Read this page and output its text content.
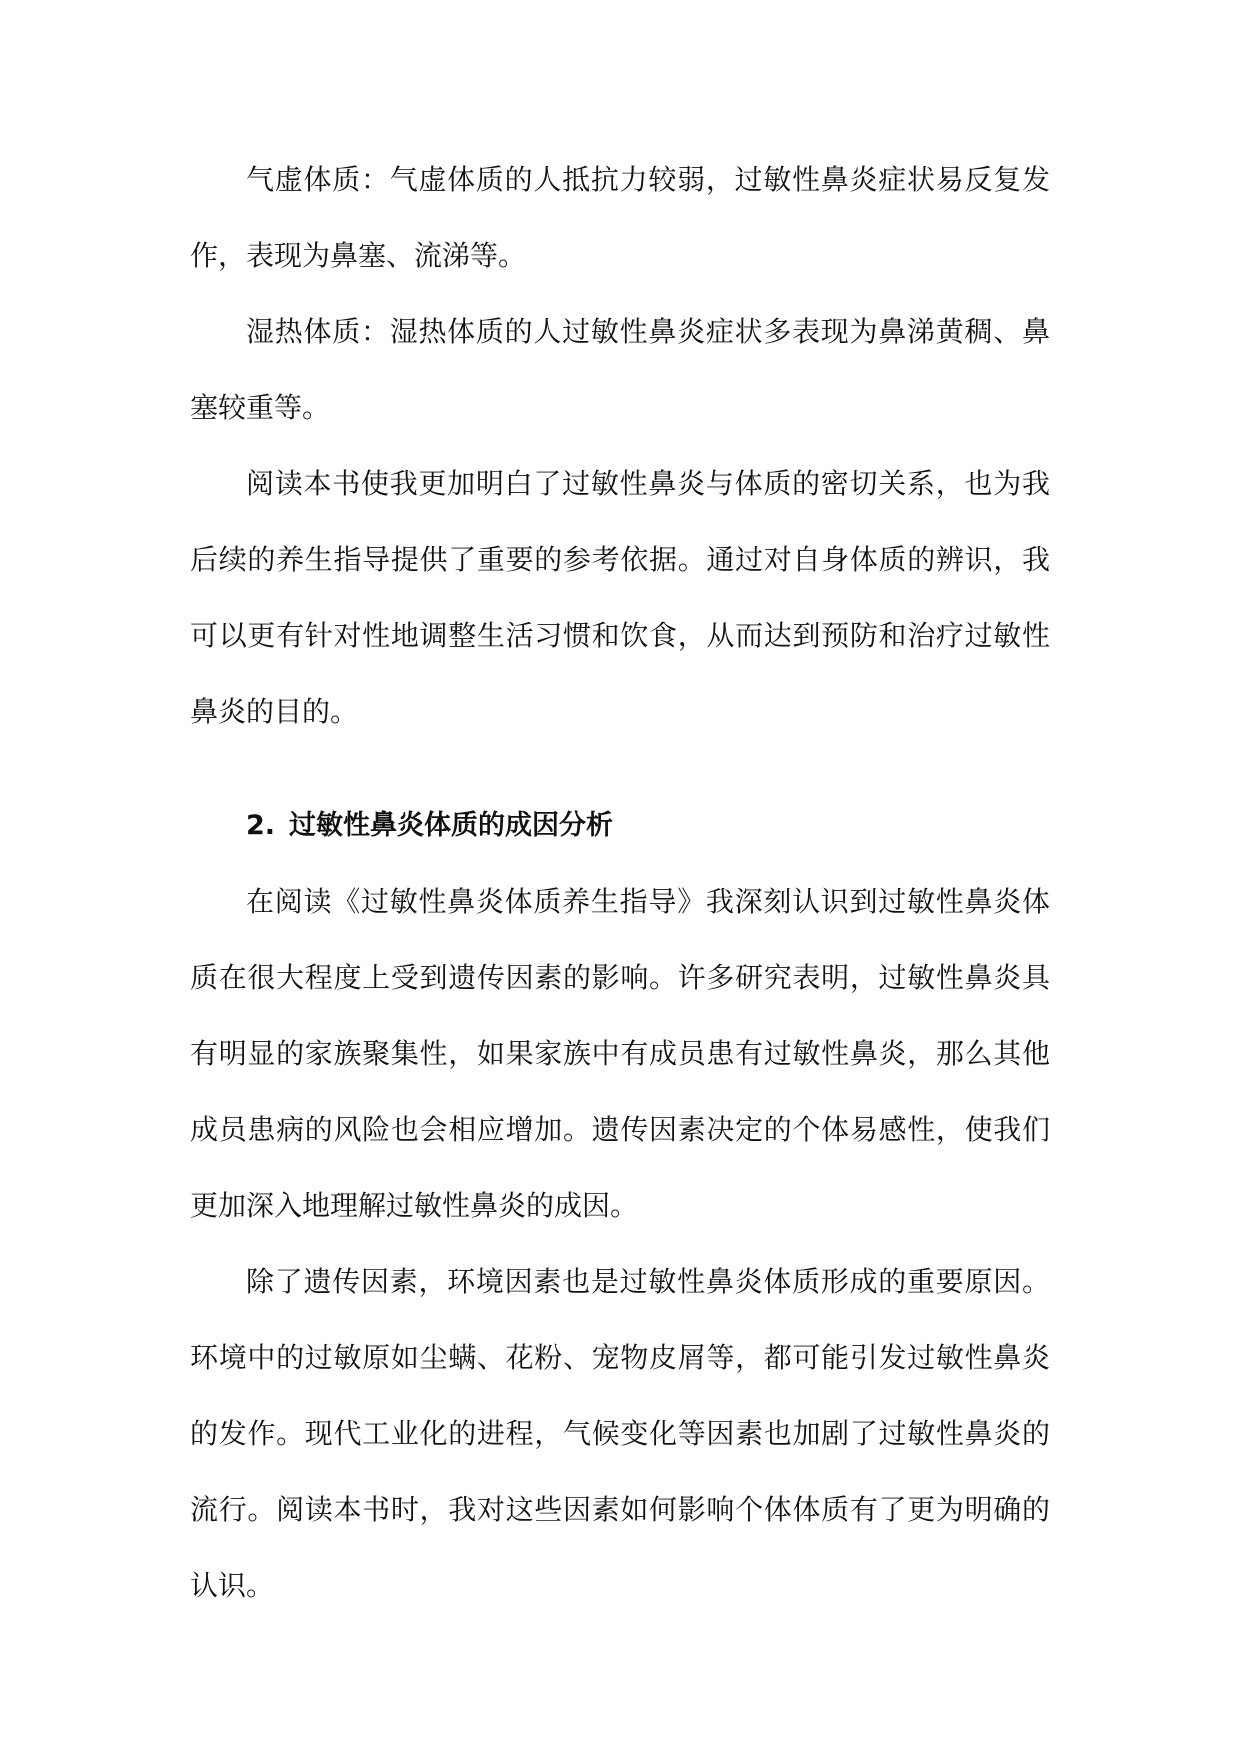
气虚体质：气虚体质的人抵抗力较弱，过敏性鼻炎症状易反复发作，表现为鼻塞、流涕等。

湿热体质：湿热体质的人过敏性鼻炎症状多表现为鼻涕黄稠、鼻塞较重等。

阅读本书使我更加明白了过敏性鼻炎与体质的密切关系，也为我后续的养生指导提供了重要的参考依据。通过对自身体质的辨识，我可以更有针对性地调整生活习惯和饮食，从而达到预防和治疗过敏性鼻炎的目的。

2. 过敏性鼻炎体质的成因分析

在阅读《过敏性鼻炎体质养生指导》我深刻认识到过敏性鼻炎体质在很大程度上受到遗传因素的影响。许多研究表明，过敏性鼻炎具有明显的家族聚集性，如果家族中有成员患有过敏性鼻炎，那么其他成员患病的风险也会相应增加。遗传因素决定的个体易感性，使我们更加深入地理解过敏性鼻炎的成因。

除了遗传因素，环境因素也是过敏性鼻炎体质形成的重要原因。环境中的过敏原如尘螨、花粉、宠物皮屑等，都可能引发过敏性鼻炎的发作。现代工业化的进程，气候变化等因素也加剧了过敏性鼻炎的流行。阅读本书时，我对这些因素如何影响个体体质有了更为明确的认识。
